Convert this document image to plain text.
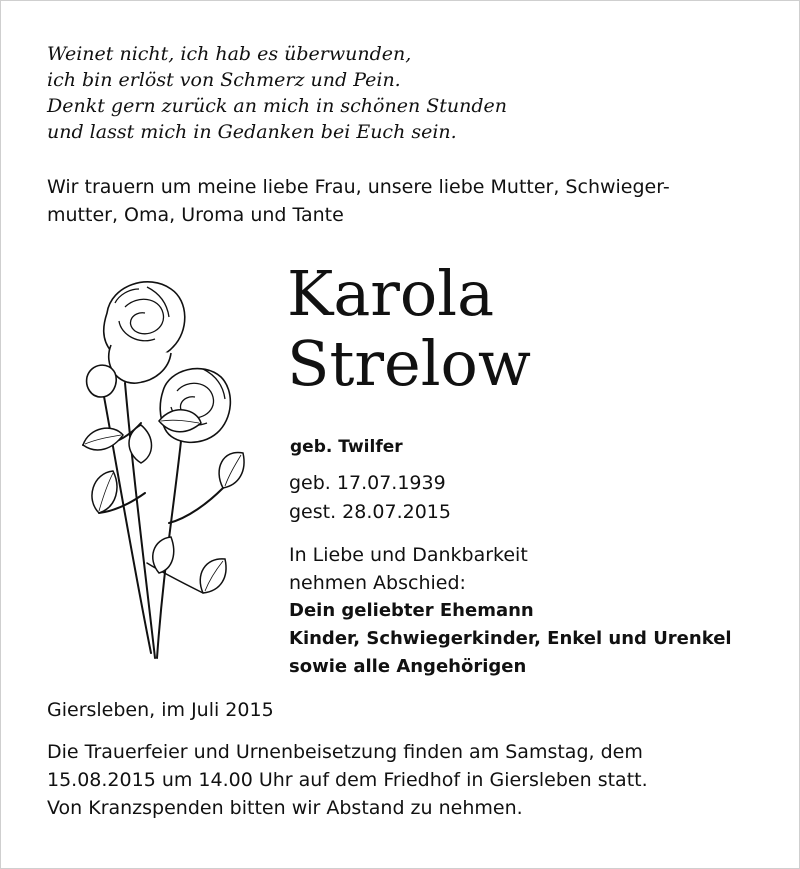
Weinet nicht, ich hab es überwunden,
ich bin erlöst von Schmerz und Pein.
Denkt gern zurück an mich in schönen Stunden
und lasst mich in Gedanken bei Euch sein.
Wir trauern um meine liebe Frau, unsere liebe Mutter, Schwieger-
mutter, Oma, Uroma und Tante
Karola
Strelow
geb. Twilfer
geb. 17.07.1939
gest. 28.07.2015
In Liebe und Dankbarkeit
nehmen Abschied:
Dein geliebter Ehemann
Kinder, Schwiegerkinder, Enkel und Urenkel
sowie alle Angehörigen
Giersleben, im Juli 2015
Die Trauerfeier und Urnenbeisetzung finden am Samstag, dem
15.08.2015 um 14.00 Uhr auf dem Friedhof in Giersleben statt.
Von Kranzspenden bitten wir Abstand zu nehmen.
